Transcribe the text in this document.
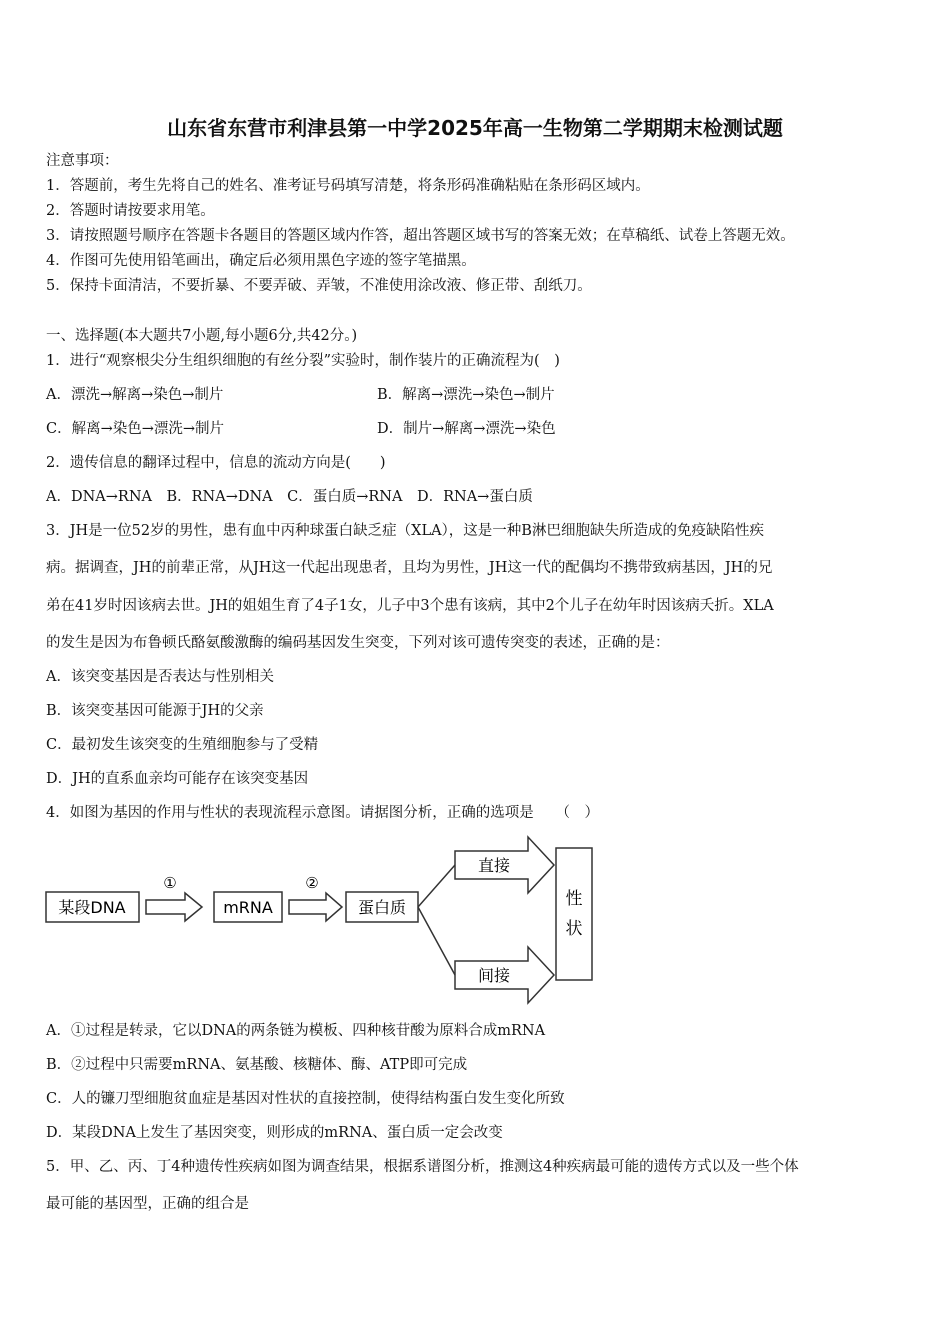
山东省东营市利津县第一中学2025年高一生物第二学期期末检测试题
注意事项：
1．答题前，考生先将自己的姓名、准考证号码填写清楚，将条形码准确粘贴在条形码区域内。
2．答题时请按要求用笔。
3．请按照题号顺序在答题卡各题目的答题区域内作答，超出答题区域书写的答案无效；在草稿纸、试卷上答题无效。
4．作图可先使用铅笔画出，确定后必须用黑色字迹的签字笔描黑。
5．保持卡面清洁，不要折暴、不要弄破、弄皱，不准使用涂改液、修正带、刮纸刀。
一、选择题(本大题共7小题,每小题6分,共42分。)
1．进行“观察根尖分生组织细胞的有丝分裂”实验时，制作装片的正确流程为(　)
A．漂洗→解离→染色→制片	B．解离→漂洗→染色→制片
C．解离→染色→漂洗→制片	D．制片→解离→漂洗→染色
2．遗传信息的翻译过程中，信息的流动方向是(　　)
A．DNA→RNA　B．RNA→DNA　C．蛋白质→RNA　D．RNA→蛋白质
3．JH是一位52岁的男性，患有血中丙种球蛋白缺乏症（XLA），这是一种B淋巴细胞缺失所造成的免疫缺陷性疾
病。据调查，JH的前辈正常，从JH这一代起出现患者，且均为男性，JH这一代的配偶均不携带致病基因，JH的兄
弟在41岁时因该病去世。JH的姐姐生育了4子1女，儿子中3个患有该病，其中2个儿子在幼年时因该病夭折。XLA
的发生是因为布鲁顿氏酪氨酸激酶的编码基因发生突变，下列对该可遗传突变的表述，正确的是：
A．该突变基因是否表达与性别相关
B．该突变基因可能源于JH的父亲
C．最初发生该突变的生殖细胞参与了受精
D．JH的直系血亲均可能存在该突变基因
4．如图为基因的作用与性状的表现流程示意图。请据图分析，正确的选项是　　（　）
某段DNA
①
mRNA
②
蛋白质
直接
间接
性
状
A．①过程是转录，它以DNA的两条链为模板、四种核苷酸为原料合成mRNA
B．②过程中只需要mRNA、氨基酸、核糖体、酶、ATP即可完成
C．人的镰刀型细胞贫血症是基因对性状的直接控制，使得结构蛋白发生变化所致
D．某段DNA上发生了基因突变，则形成的mRNA、蛋白质一定会改变
5．甲、乙、丙、丁4种遗传性疾病如图为调查结果，根据系谱图分析，推测这4种疾病最可能的遗传方式以及一些个体
最可能的基因型，正确的组合是
